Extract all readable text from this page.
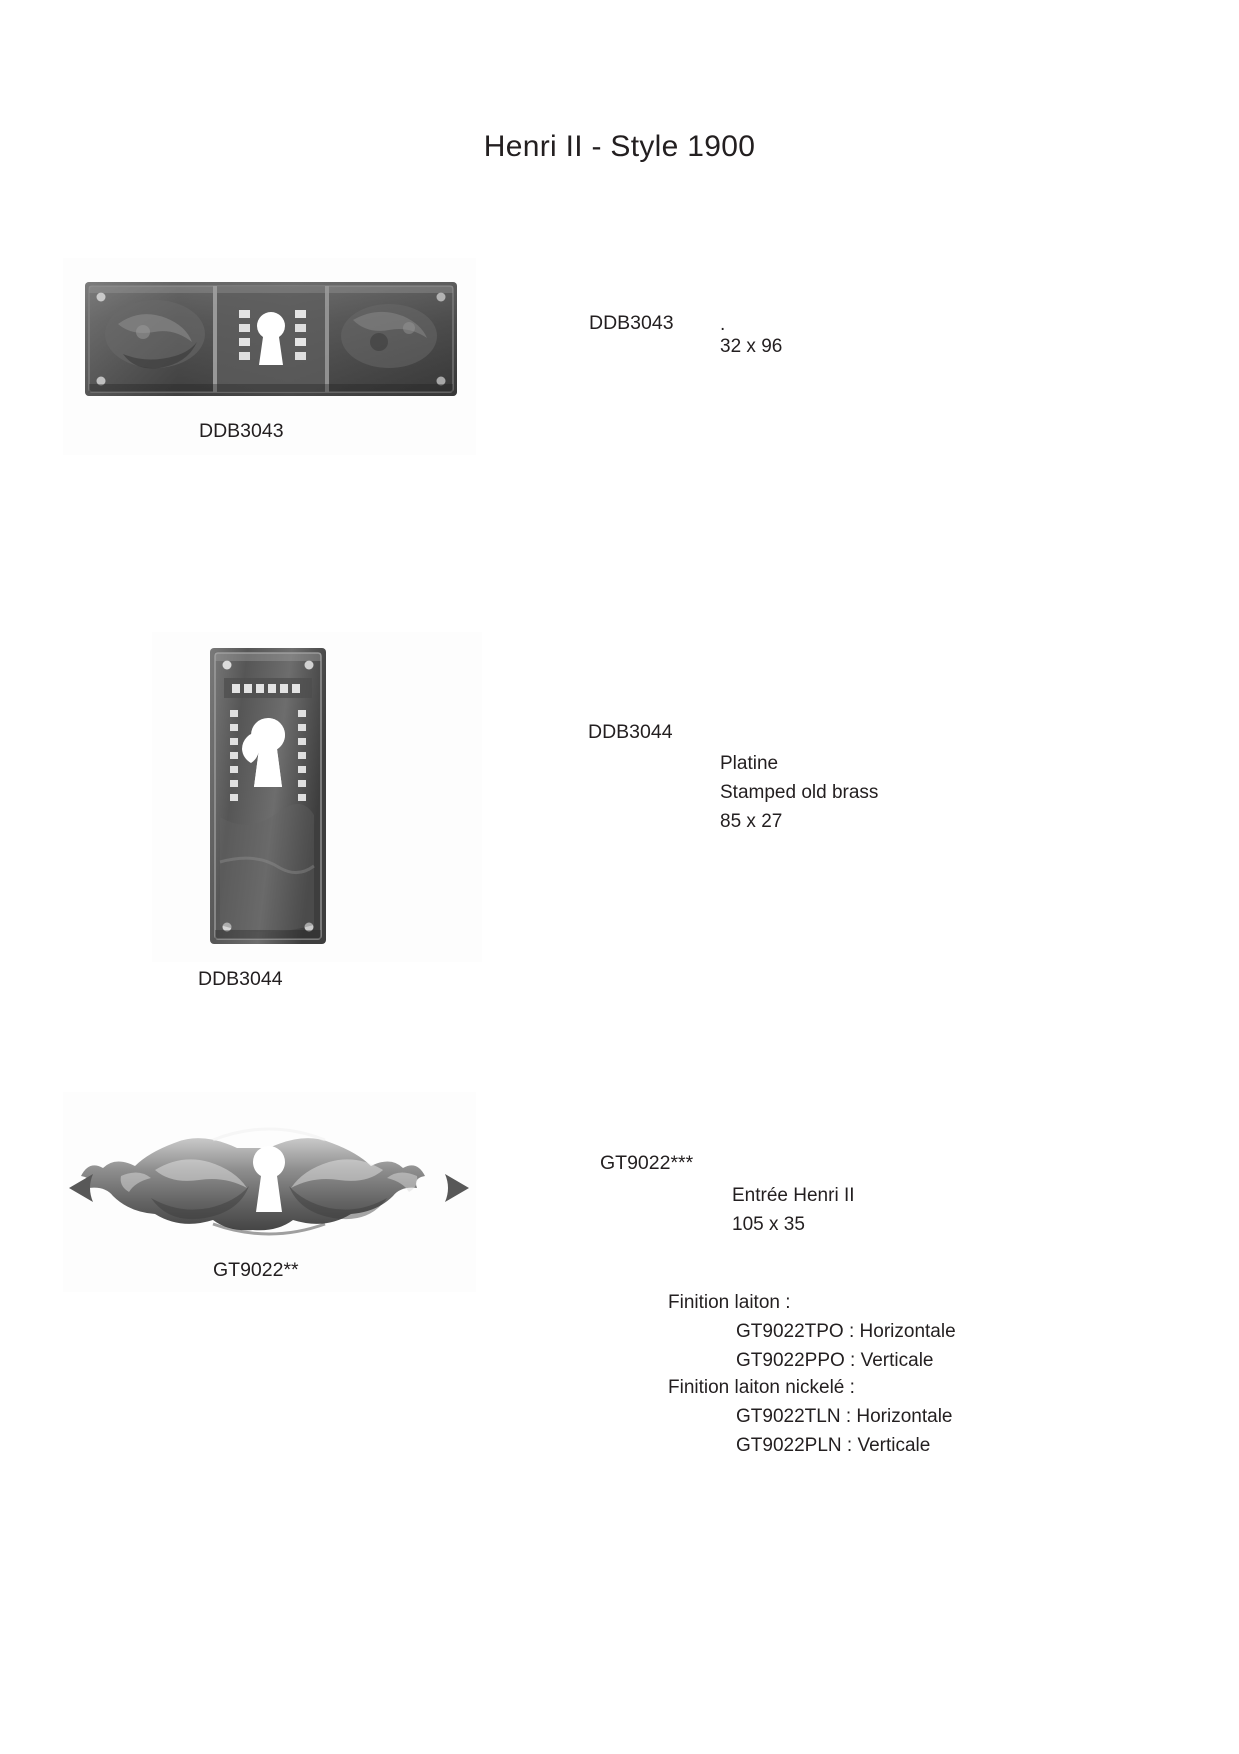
Henri II - Style 1900
DDB3043
DDB3043 .
32 x 96
DDB3044
DDB3044
Platine
Stamped old brass
85 x 27
GT9022**
GT9022***
Entrée Henri II
105 x 35
Finition laiton :
GT9022TPO : Horizontale
GT9022PPO : Verticale
Finition laiton nickelé :
GT9022TLN : Horizontale
GT9022PLN : Verticale
